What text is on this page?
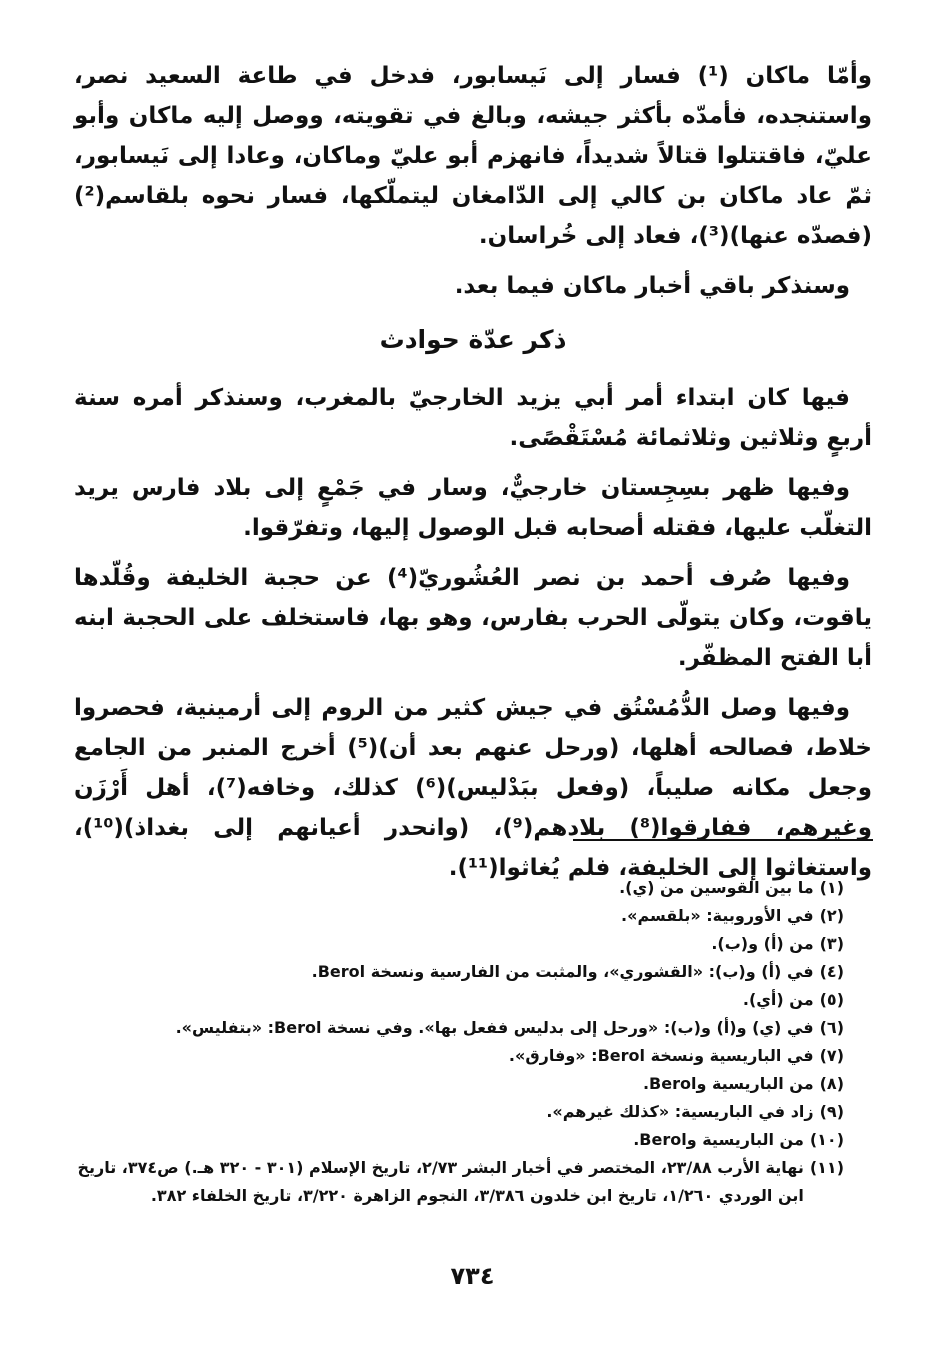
وأمّا ماكان (¹) فسار إلى نَيسابور، فدخل في طاعة السعيد نصر، واستنجده، فأمدّه بأكثر جيشه، وبالغ في تقويته، ووصل إليه ماكان وأبو عليّ، فاقتتلوا قتالاً شديداً، فانهزم أبو عليّ وماكان، وعادا إلى نَيسابور، ثمّ عاد ماكان بن كالي إلى الدّامغان ليتملّكها، فسار نحوه بلقاسم(²) (فصدّه عنها)(³)، فعاد إلى خُراسان.

وسنذكر باقي أخبار ماكان فيما بعد.

ذكر عدّة حوادث

فيها كان ابتداء أمر أبي يزيد الخارجيّ بالمغرب، وسنذكر أمره سنة أربعٍ وثلاثين وثلاثمائة مُسْتَقْصًى.

وفيها ظهر بسِجِستان خارجيٌّ، وسار في جَمْعٍ إلى بلاد فارس يريد التغلّب عليها، فقتله أصحابه قبل الوصول إليها، وتفرّقوا.

وفيها صُرف أحمد بن نصر العُشُوريّ(⁴) عن حجبة الخليفة وقُلّدها ياقوت، وكان يتولّى الحرب بفارس، وهو بها، فاستخلف على الحجبة ابنه أبا الفتح المظفّر.

وفيها وصل الدُّمُسْتُق في جيش كثير من الروم إلى أرمينية، فحصروا خلاط، فصالحه أهلها، (ورحل عنهم بعد أن)(⁵) أخرج المنبر من الجامع وجعل مكانه صليباً، (وفعل ببَدْليس)(⁶) كذلك، وخافه(⁷)، أهل أَرْزَن وغيرهم، ففارقوا(⁸) بلادهم(⁹)، (وانحدر أعيانهم إلى بغداذ)(¹⁰)، واستغاثوا إلى الخليفة، فلم يُغاثوا(¹¹).

(١)
ما بين القوسين من (ي).
(٢)
في الأوروبية: «بلقسم».
(٣)
من (أ) و(ب).
(٤)
في (أ) و(ب): «القشوري»، والمثبت من الفارسية ونسخة Berol.
(٥)
من (أي).
(٦)
في (ي) و(أ) و(ب): «ورحل إلى بدليس ففعل بها». وفي نسخة Berol: «بتفليس».
(٧)
في الباريسية ونسخة Berol: «وفارق».
(٨)
من الباريسية وBerol.
(٩)
زاد في الباريسية: «كذلك غيرهم».
(١٠)
من الباريسية وBerol.
(١١)
نهاية الأرب ٢٣/٨٨، المختصر في أخبار البشر ٢/٧٣، تاريخ الإسلام (٣٠١ - ٣٢٠ هـ.) ص٣٧٤، تاريخ ابن الوردي ١/٢٦٠، تاريخ ابن خلدون ٣/٣٨٦، النجوم الزاهرة ٣/٢٢٠، تاريخ الخلفاء ٣٨٢.
٧٣٤
